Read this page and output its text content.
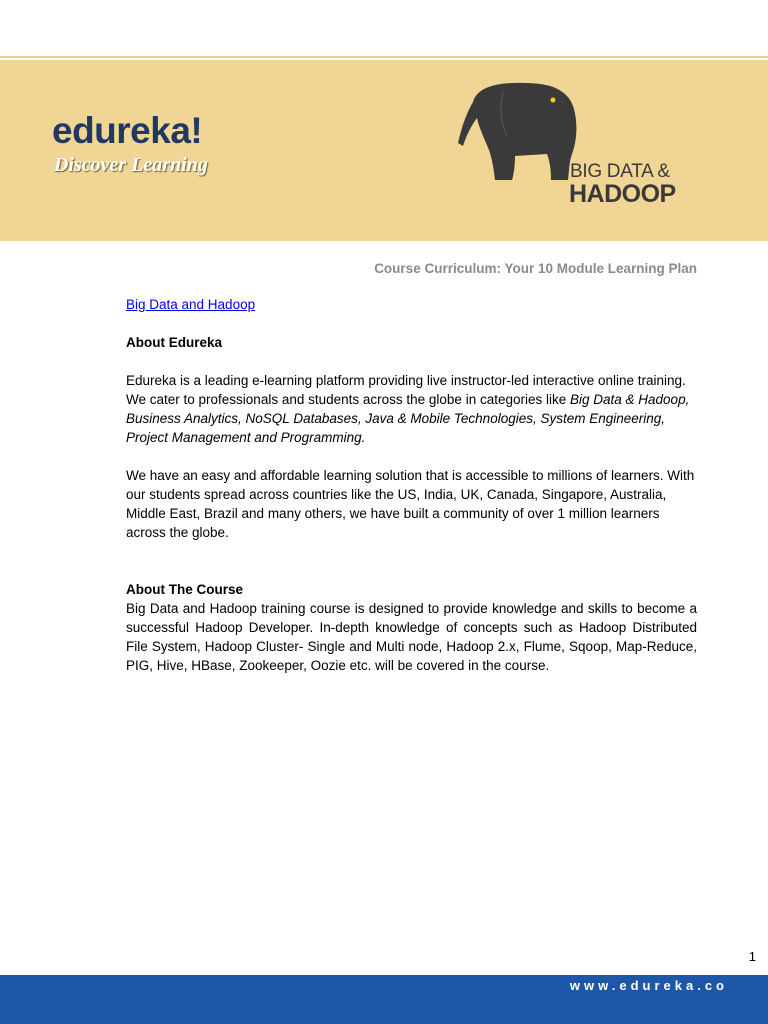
edureka!
Discover Learning	BIG DATA &
HADOOP
Course Curriculum: Your 10 Module Learning Plan

Big Data and Hadoop

About Edureka

Edureka is a leading e-learning platform providing live instructor-led interactive online training. We cater to professionals and students across the globe in categories like Big Data & Hadoop, Business Analytics, NoSQL Databases, Java & Mobile Technologies, System Engineering, Project Management and Programming.

We have an easy and affordable learning solution that is accessible to millions of learners. With our students spread across countries like the US, India, UK, Canada, Singapore, Australia, Middle East, Brazil and many others, we have built a community of over 1 million learners across the globe.

About The Course

Big Data and Hadoop training course is designed to provide knowledge and skills to become a successful Hadoop Developer. In-depth knowledge of concepts such as Hadoop Distributed File System, Hadoop Cluster- Single and Multi node, Hadoop 2.x, Flume, Sqoop, Map-Reduce, PIG, Hive, HBase, Zookeeper, Oozie etc. will be covered in the course.

1
www.edureka.co
